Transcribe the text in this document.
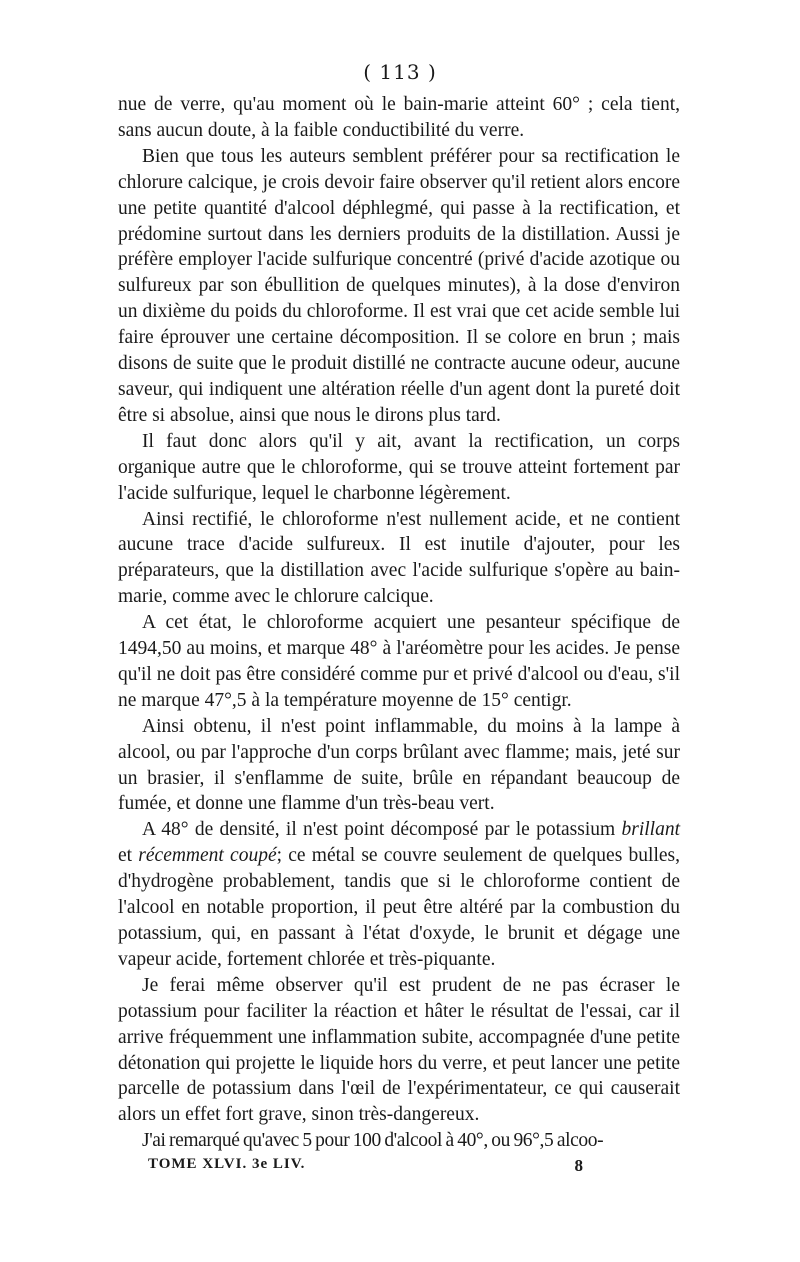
( 113 )

nue de verre, qu'au moment où le bain-marie atteint 60° ; cela tient, sans aucun doute, à la faible conductibilité du verre.

Bien que tous les auteurs semblent préférer pour sa rectification le chlorure calcique, je crois devoir faire observer qu'il retient alors encore une petite quantité d'alcool déphlegmé, qui passe à la rectification, et prédomine surtout dans les derniers produits de la distillation. Aussi je préfère employer l'acide sulfurique concentré (privé d'acide azotique ou sulfureux par son ébullition de quelques minutes), à la dose d'environ un dixième du poids du chloroforme. Il est vrai que cet acide semble lui faire éprouver une certaine décomposition. Il se colore en brun ; mais disons de suite que le produit distillé ne contracte aucune odeur, aucune saveur, qui indiquent une altération réelle d'un agent dont la pureté doit être si absolue, ainsi que nous le dirons plus tard.

Il faut donc alors qu'il y ait, avant la rectification, un corps organique autre que le chloroforme, qui se trouve atteint fortement par l'acide sulfurique, lequel le charbonne légèrement.

Ainsi rectifié, le chloroforme n'est nullement acide, et ne contient aucune trace d'acide sulfureux. Il est inutile d'ajouter, pour les préparateurs, que la distillation avec l'acide sulfurique s'opère au bain-marie, comme avec le chlorure calcique.

A cet état, le chloroforme acquiert une pesanteur spécifique de 1494,50 au moins, et marque 48° à l'aréomètre pour les acides. Je pense qu'il ne doit pas être considéré comme pur et privé d'alcool ou d'eau, s'il ne marque 47°,5 à la température moyenne de 15° centigr.

Ainsi obtenu, il n'est point inflammable, du moins à la lampe à alcool, ou par l'approche d'un corps brûlant avec flamme; mais, jeté sur un brasier, il s'enflamme de suite, brûle en répandant beaucoup de fumée, et donne une flamme d'un très-beau vert.

A 48° de densité, il n'est point décomposé par le potassium brillant et récemment coupé; ce métal se couvre seulement de quelques bulles, d'hydrogène probablement, tandis que si le chloroforme contient de l'alcool en notable proportion, il peut être altéré par la combustion du potassium, qui, en passant à l'état d'oxyde, le brunit et dégage une vapeur acide, fortement chlorée et très-piquante.

Je ferai même observer qu'il est prudent de ne pas écraser le potassium pour faciliter la réaction et hâter le résultat de l'essai, car il arrive fréquemment une inflammation subite, accompagnée d'une petite détonation qui projette le liquide hors du verre, et peut lancer une petite parcelle de potassium dans l'œil de l'expérimentateur, ce qui causerait alors un effet fort grave, sinon très-dangereux.

J'ai remarqué qu'avec 5 pour 100 d'alcool à 40°, ou 96°,5 alcoo-

TOME XLVI. 3e LIV.	8
